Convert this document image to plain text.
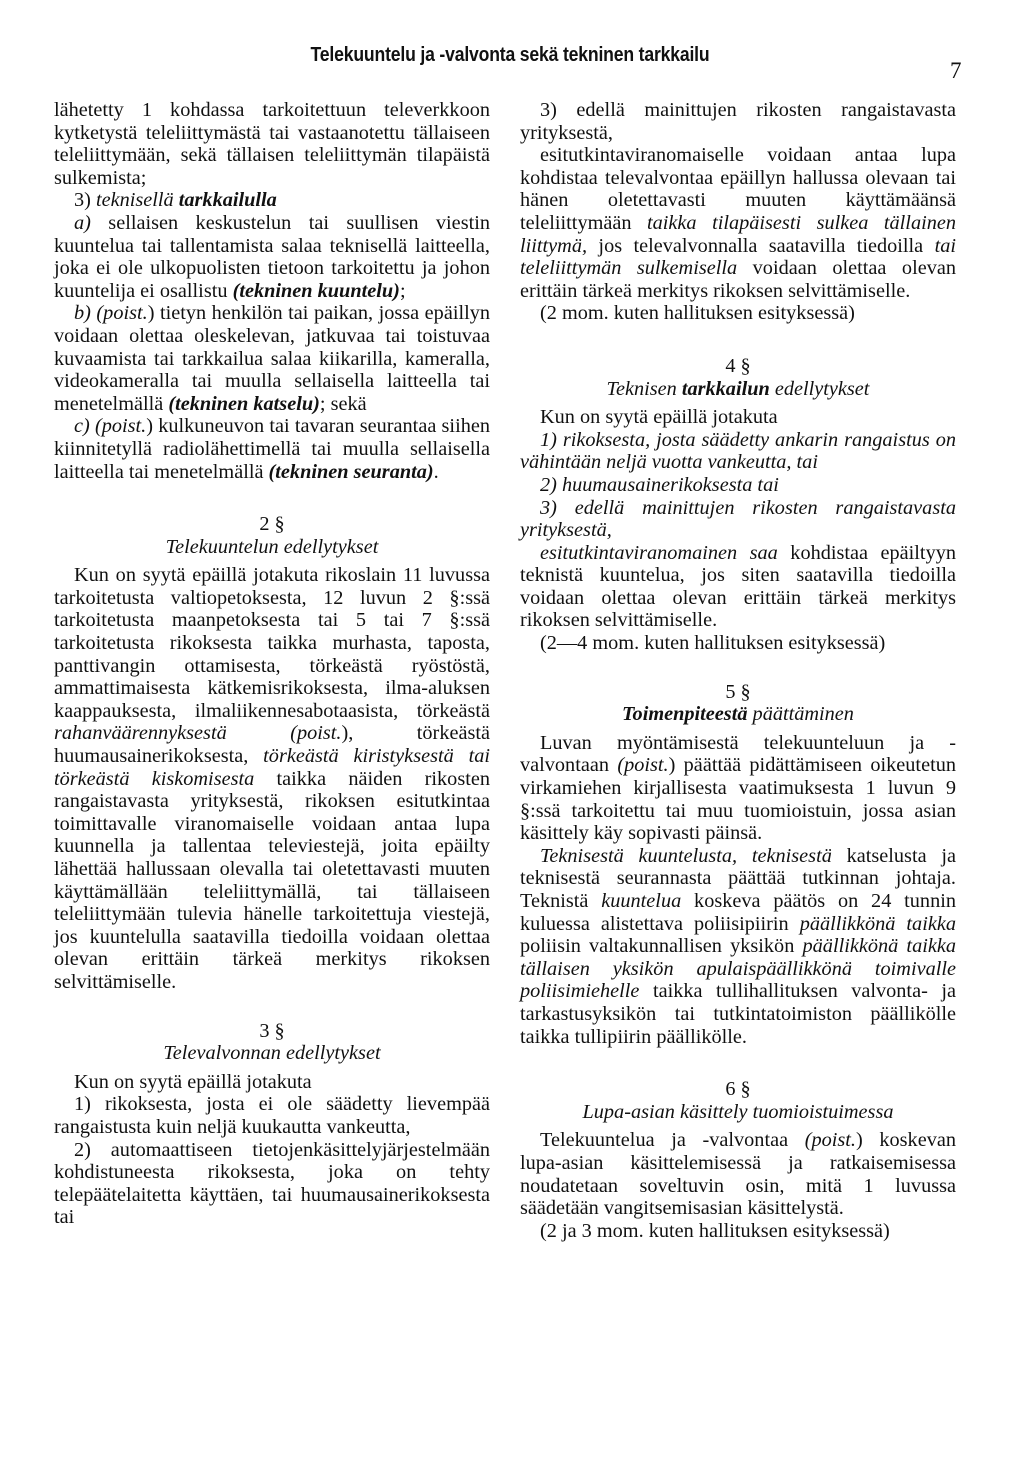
Telekuuntelu ja -valvonta sekä tekninen tarkkailu
7

lähetetty 1 kohdassa tarkoitettuun televerkkoon kytketystä teleliittymästä tai vastaanotettu tällaiseen teleliittymään, sekä tällaisen teleliittymän tilapäistä sulkemista;

3) teknisellä tarkkailulla

a) sellaisen keskustelun tai suullisen viestin kuuntelua tai tallentamista salaa teknisellä laitteella, joka ei ole ulkopuolisten tietoon tarkoitettu ja johon kuuntelija ei osallistu (tekninen kuuntelu);

b) (poist.) tietyn henkilön tai paikan, jossa epäillyn voidaan olettaa oleskelevan, jatkuvaa tai toistuvaa kuvaamista tai tarkkailua salaa kiikarilla, kameralla, videokameralla tai muulla sellaisella laitteella tai menetelmällä (tekninen katselu); sekä

c) (poist.) kulkuneuvon tai tavaran seurantaa siihen kiinnitetyllä radiolähettimellä tai muulla sellaisella laitteella tai menetelmällä (tekninen seuranta).

2 §

Telekuuntelun edellytykset

Kun on syytä epäillä jotakuta rikoslain 11 luvussa tarkoitetusta valtiopetoksesta, 12 luvun 2 §:ssä tarkoitetusta maanpetoksesta tai 5 tai 7 §:ssä tarkoitetusta rikoksesta taikka murhasta, taposta, panttivangin ottamisesta, törkeästä ryöstöstä, ammattimaisesta kätkemisrikoksesta, ilma-aluksen kaappauksesta, ilmaliikennesabotaasista, törkeästä rahanväärennyksestä (poist.), törkeästä huumausainerikoksesta, törkeästä kiristyksestä tai törkeästä kiskomisesta taikka näiden rikosten rangaistavasta yrityksestä, rikoksen esitutkintaa toimittavalle viranomaiselle voidaan antaa lupa kuunnella ja tallentaa televiestejä, joita epäilty lähettää hallussaan olevalla tai oletettavasti muuten käyttämällään teleliittymällä, tai tällaiseen teleliittymään tulevia hänelle tarkoitettuja viestejä, jos kuuntelulla saatavilla tiedoilla voidaan olettaa olevan erittäin tärkeä merkitys rikoksen selvittämiselle.

3 §

Televalvonnan edellytykset

Kun on syytä epäillä jotakuta

1) rikoksesta, josta ei ole säädetty lievempää rangaistusta kuin neljä kuukautta vankeutta,

2) automaattiseen tietojenkäsittelyjärjestelmään kohdistuneesta rikoksesta, joka on tehty telepäätelaitetta käyttäen, tai huumausainerikoksesta tai

3) edellä mainittujen rikosten rangaistavasta yrityksestä,

esitutkintaviranomaiselle voidaan antaa lupa kohdistaa televalvontaa epäillyn hallussa olevaan tai hänen oletettavasti muuten käyttämäänsä teleliittymään taikka tilapäisesti sulkea tällainen liittymä, jos televalvonnalla saatavilla tiedoilla tai teleliittymän sulkemisella voidaan olettaa olevan erittäin tärkeä merkitys rikoksen selvittämiselle.

(2 mom. kuten hallituksen esityksessä)

4 §

Teknisen tarkkailun edellytykset

Kun on syytä epäillä jotakuta

1) rikoksesta, josta säädetty ankarin rangaistus on vähintään neljä vuotta vankeutta, tai

2) huumausainerikoksesta tai

3) edellä mainittujen rikosten rangaistavasta yrityksestä,

esitutkintaviranomainen saa kohdistaa epäiltyyn teknistä kuuntelua, jos siten saatavilla tiedoilla voidaan olettaa olevan erittäin tärkeä merkitys rikoksen selvittämiselle.

(2—4 mom. kuten hallituksen esityksessä)

5 §

Toimenpiteestä päättäminen

Luvan myöntämisestä telekuunteluun ja -valvontaan (poist.) päättää pidättämiseen oikeutetun virkamiehen kirjallisesta vaatimuksesta 1 luvun 9 §:ssä tarkoitettu tai muu tuomioistuin, jossa asian käsittely käy sopivasti päinsä.

Teknisestä kuuntelusta, teknisestä katselusta ja teknisestä seurannasta päättää tutkinnan johtaja. Teknistä kuuntelua koskeva päätös on 24 tunnin kuluessa alistettava poliisipiirin päällikkönä taikka poliisin valtakunnallisen yksikön päällikkönä taikka tällaisen yksikön apulaispäällikkönä toimivalle poliisimiehelle taikka tullihallituksen valvonta- ja tarkastusyksikön tai tutkintatoimiston päällikölle taikka tullipiirin päällikölle.

6 §

Lupa-asian käsittely tuomioistuimessa

Telekuuntelua ja -valvontaa (poist.) koskevan lupa-asian käsittelemisessä ja ratkaisemisessa noudatetaan soveltuvin osin, mitä 1 luvussa säädetään vangitsemisasian käsittelystä.

(2 ja 3 mom. kuten hallituksen esityksessä)
